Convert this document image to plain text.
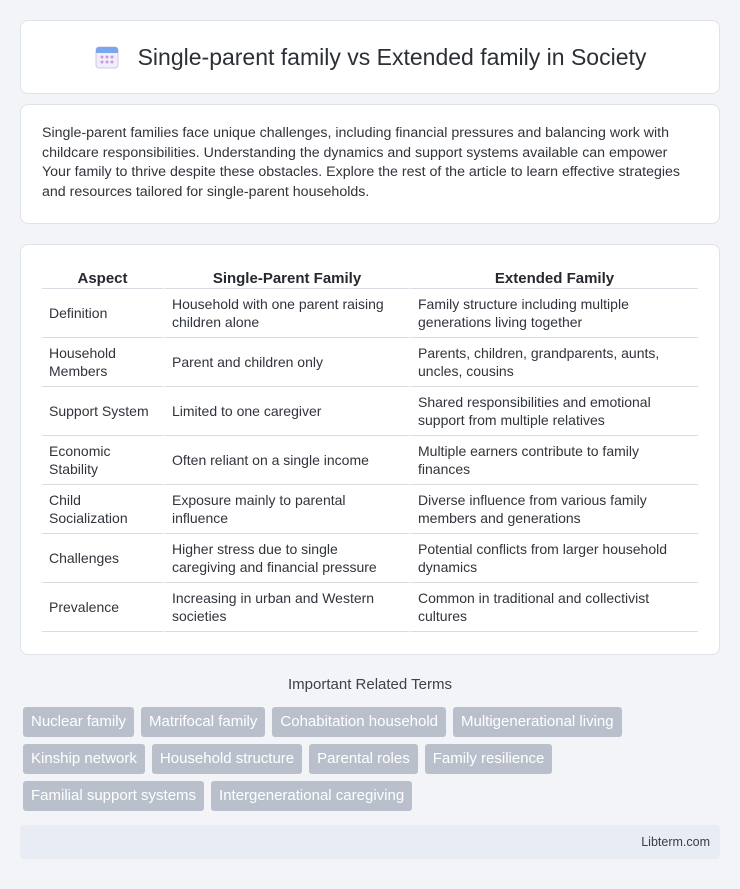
Single-parent family vs Extended family in Society

Single-parent families face unique challenges, including financial pressures and balancing work with childcare responsibilities. Understanding the dynamics and support systems available can empower Your family to thrive despite these obstacles. Explore the rest of the article to learn effective strategies and resources tailored for single-parent households.

Aspect	Single-Parent Family	Extended Family
Definition	Household with one parent raising children alone	Family structure including multiple generations living together
Household Members	Parent and children only	Parents, children, grandparents, aunts, uncles, cousins
Support System	Limited to one caregiver	Shared responsibilities and emotional support from multiple relatives
Economic Stability	Often reliant on a single income	Multiple earners contribute to family finances
Child Socialization	Exposure mainly to parental influence	Diverse influence from various family members and generations
Challenges	Higher stress due to single caregiving and financial pressure	Potential conflicts from larger household dynamics
Prevalence	Increasing in urban and Western societies	Common in traditional and collectivist cultures
Important Related Terms
Nuclear family	Matrifocal family	Cohabitation household	Multigenerational living
Kinship network	Household structure	Parental roles	Family resilience
Familial support systems	Intergenerational caregiving
Libterm.com
